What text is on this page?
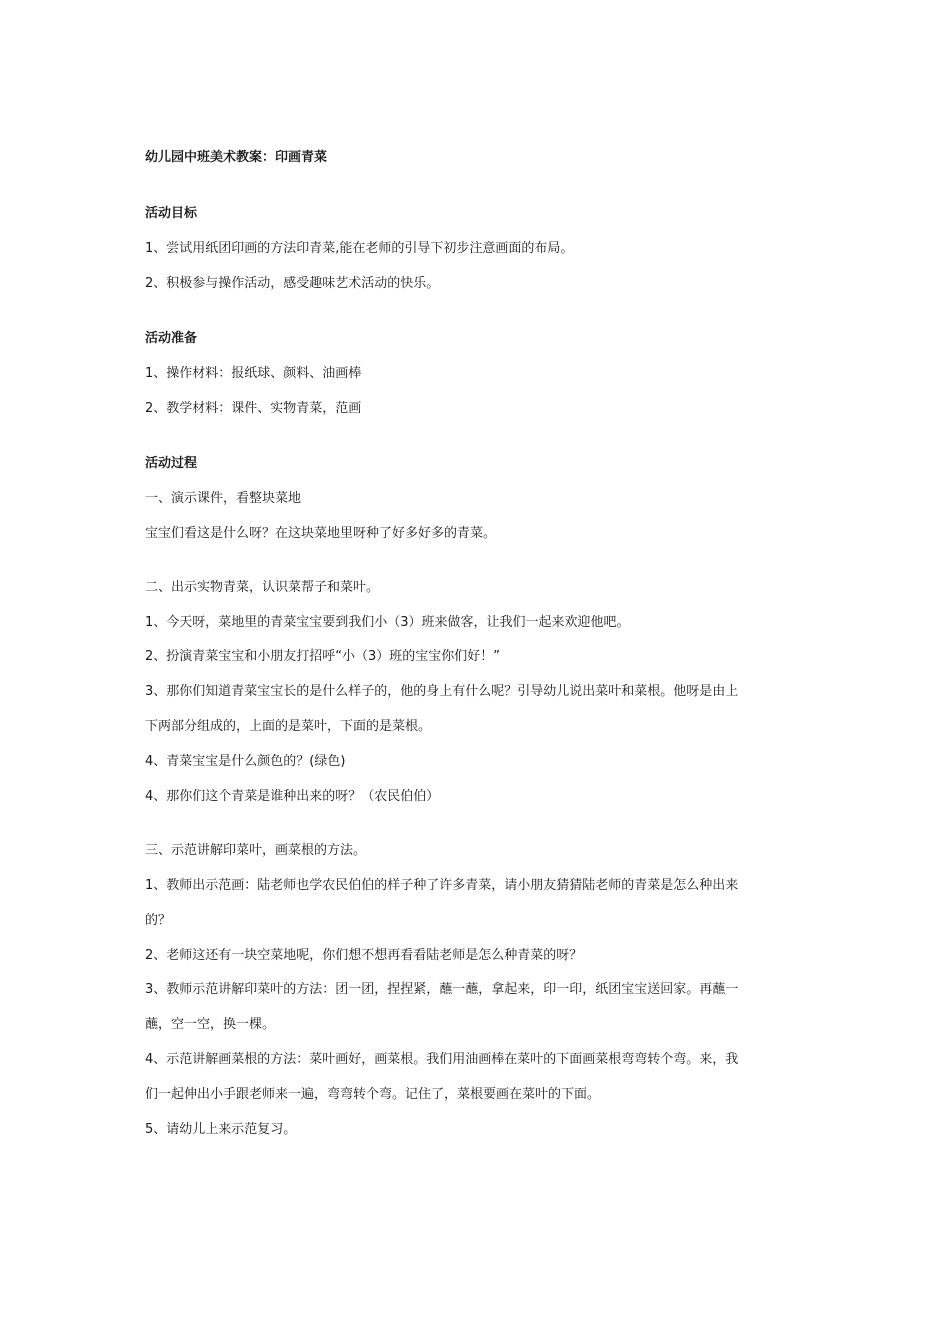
幼儿园中班美术教案：印画青菜
活动目标
1、尝试用纸团印画的方法印青菜,能在老师的引导下初步注意画面的布局。
2、积极参与操作活动，感受趣味艺术活动的快乐。
活动准备
1、操作材料：报纸球、颜料、油画棒
2、教学材料：课件、实物青菜，范画
活动过程
一、演示课件，看整块菜地
宝宝们看这是什么呀？在这块菜地里呀种了好多好多的青菜。
二、出示实物青菜，认识菜帮子和菜叶。
1、今天呀，菜地里的青菜宝宝要到我们小（3）班来做客，让我们一起来欢迎他吧。
2、扮演青菜宝宝和小朋友打招呼“小（3）班的宝宝你们好！”
3、那你们知道青菜宝宝长的是什么样子的，他的身上有什么呢？引导幼儿说出菜叶和菜根。他呀是由上
下两部分组成的，上面的是菜叶，下面的是菜根。
4、青菜宝宝是什么颜色的？(绿色)
4、那你们这个青菜是谁种出来的呀？（农民伯伯）
三、示范讲解印菜叶，画菜根的方法。
1、教师出示范画：陆老师也学农民伯伯的样子种了许多青菜，请小朋友猜猜陆老师的青菜是怎么种出来
的？
2、老师这还有一块空菜地呢，你们想不想再看看陆老师是怎么种青菜的呀？
3、教师示范讲解印菜叶的方法：团一团，捏捏紧，蘸一蘸，拿起来，印一印，纸团宝宝送回家。再蘸一
蘸，空一空，换一棵。
4、示范讲解画菜根的方法：菜叶画好，画菜根。我们用油画棒在菜叶的下面画菜根弯弯转个弯。来，我
们一起伸出小手跟老师来一遍，弯弯转个弯。记住了，菜根要画在菜叶的下面。
5、请幼儿上来示范复习。
